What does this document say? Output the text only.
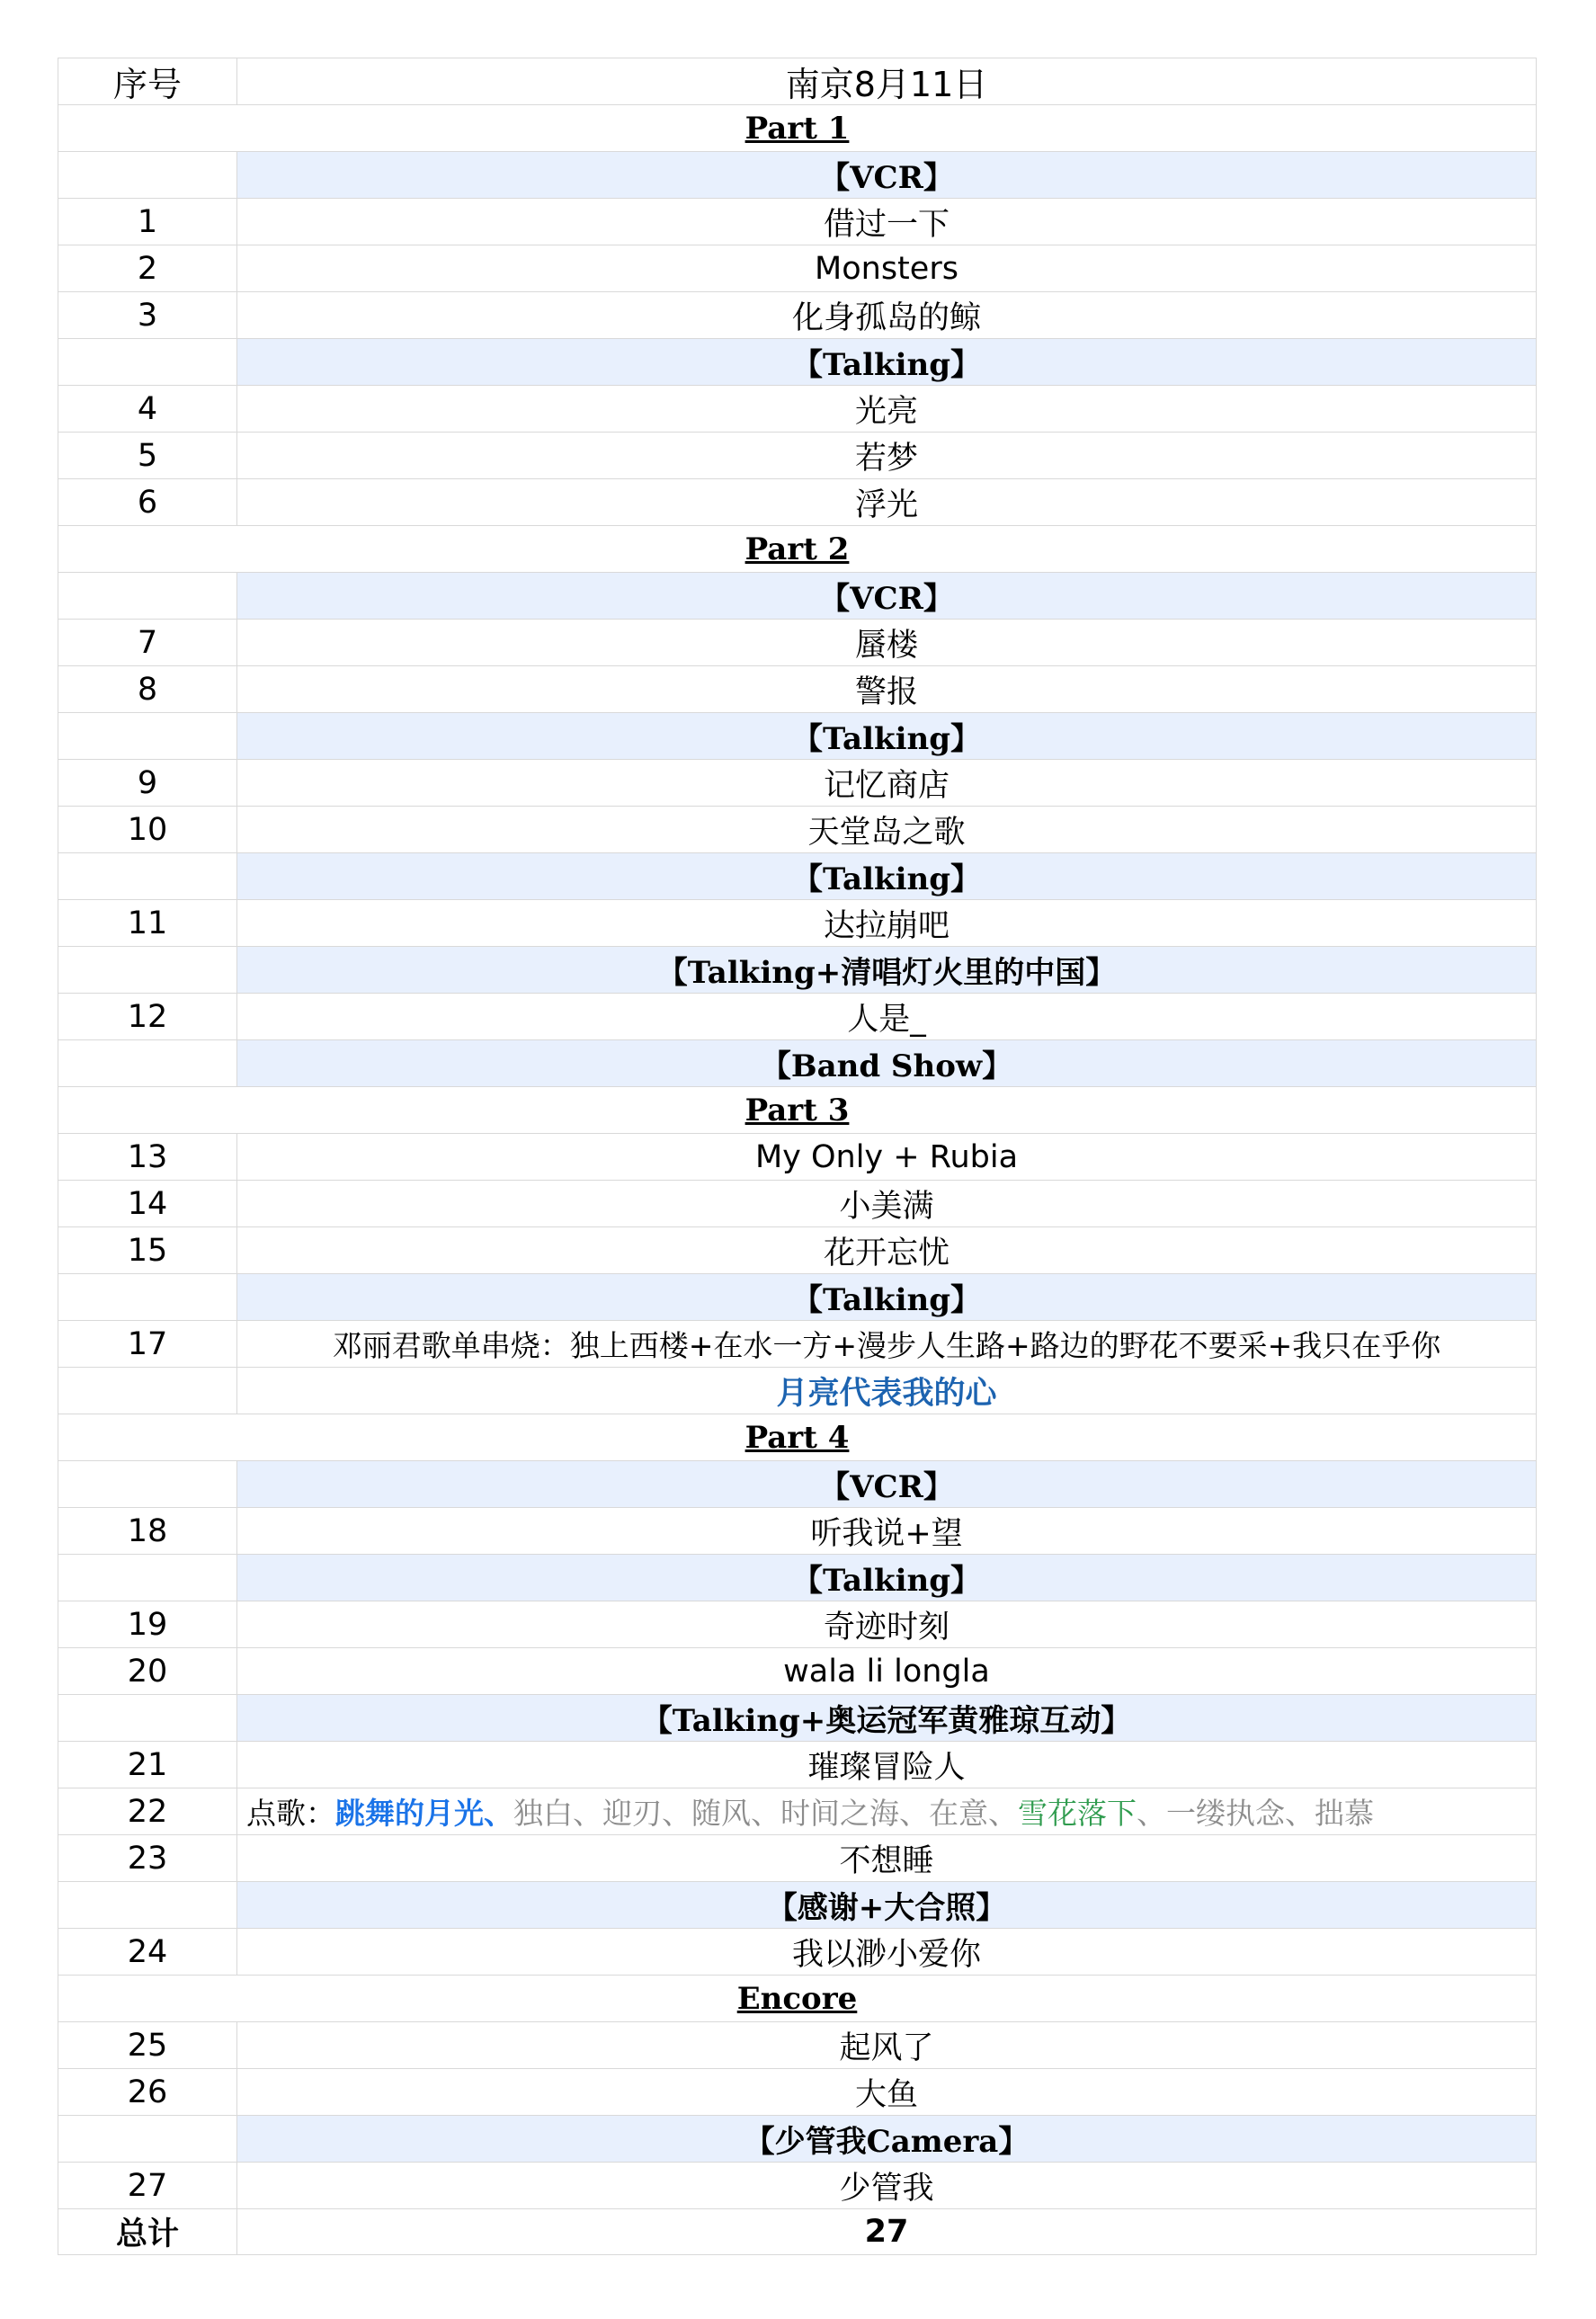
序号	南京8月11日
Part 1
【VCR】
1	借过一下
2	Monsters
3	化身孤岛的鲸
【Talking】
4	光亮
5	若梦
6	浮光
Part 2
【VCR】
7	蜃楼
8	警报
【Talking】
9	记忆商店
10	天堂岛之歌
【Talking】
11	达拉崩吧
【Talking+清唱灯火里的中国】
12	人是_
【Band Show】
Part 3
13	My Only + Rubia
14	小美满
15	花开忘忧
【Talking】
17	邓丽君歌单串烧：独上西楼+在水一方+漫步人生路+路边的野花不要采+我只在乎你
月亮代表我的心
Part 4
【VCR】
18	听我说+望
【Talking】
19	奇迹时刻
20	wala li longla
【Talking+奥运冠军黄雅琼互动】
21	璀璨冒险人
22	点歌： 跳舞的月光、 独白、迎刃、随风、时间之海、在意、 雪花落下 、一缕执念、拙慕
23	不想睡
【感谢+大合照】
24	我以渺小爱你
Encore
25	起风了
26	大鱼
【少管我Camera】
27	少管我
总计	27
